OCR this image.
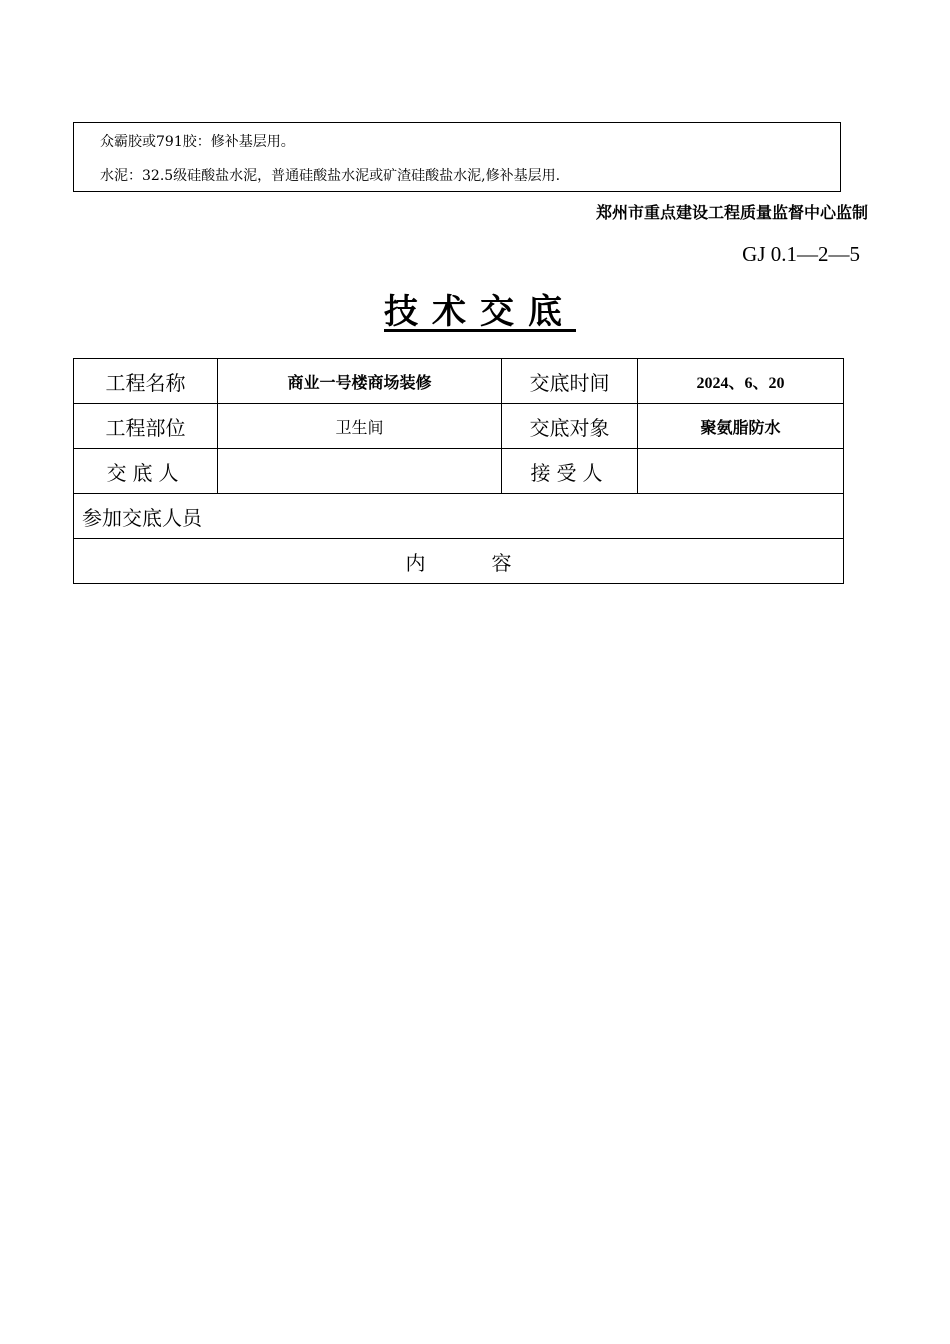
众霸胶或791胶：修补基层用。
水泥：32.5级硅酸盐水泥，普通硅酸盐水泥或矿渣硅酸盐水泥,修补基层用.
郑州市重点建设工程质量监督中心监制
GJ 0.1—2—5
技术交底
工程名称	商业一号楼商场装修	交底时间	2024、6、20
工程部位	卫生间	交底对象	聚氨脂防水
交底人		接受人	
参加交底人员			
内 容			
